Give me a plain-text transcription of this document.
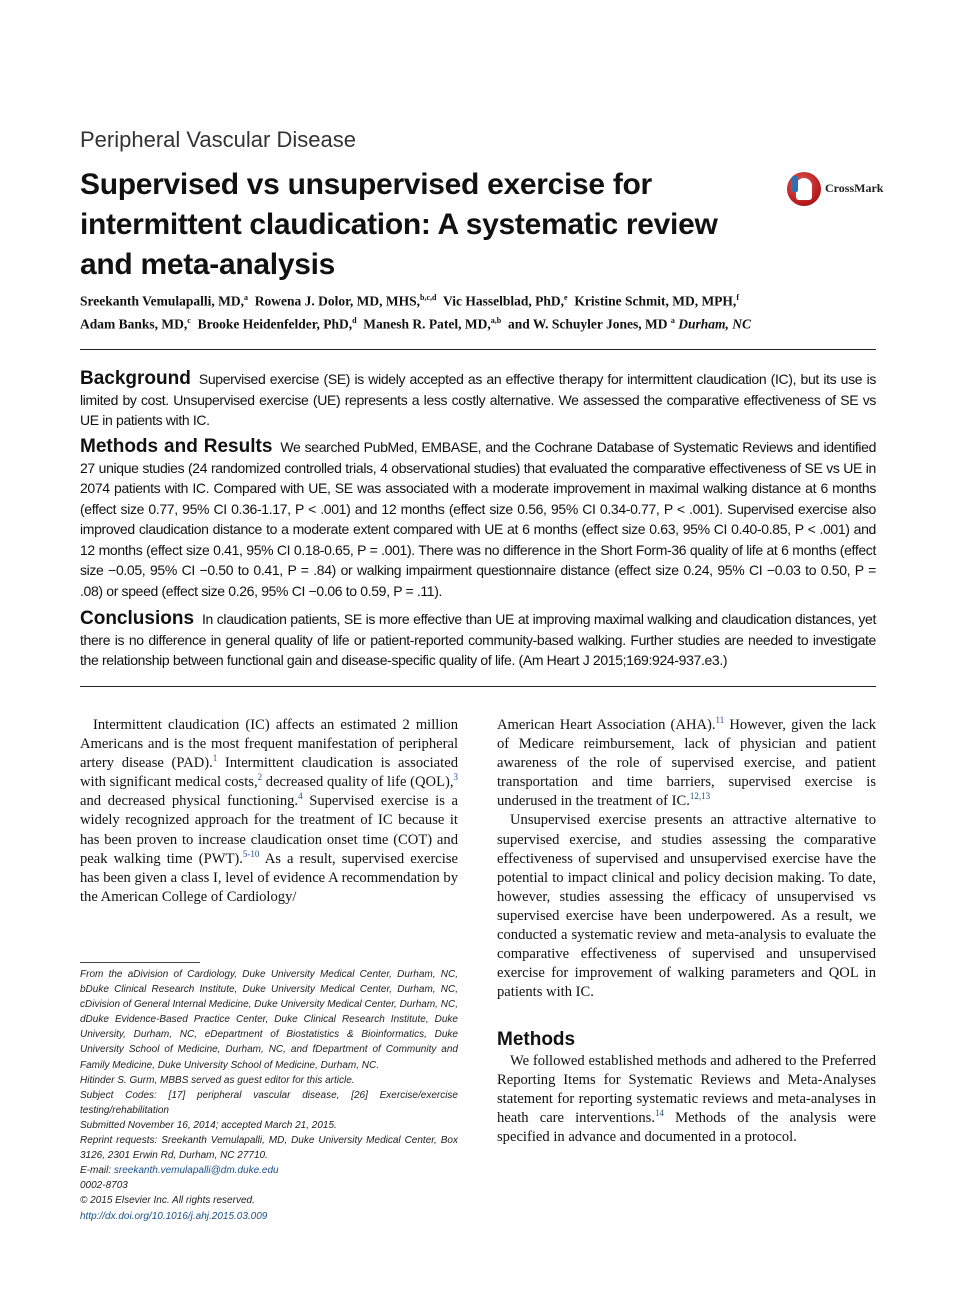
Peripheral Vascular Disease
Supervised vs unsupervised exercise for intermittent claudication: A systematic review and meta-analysis
CrossMark
Sreekanth Vemulapalli, MD,$^a$ Rowena J. Dolor, MD, MHS,$^{b,c,d}$ Vic Hasselblad, PhD,$^e$ Kristine Schmit, MD, MPH,$^f$
Adam Banks, MD,$^c$ Brooke Heidenfelder, PhD,$^d$ Manesh R. Patel, MD,$^{a,b}$ and W. Schuyler Jones, MD $^a$ Durham, NC
Background Supervised exercise (SE) is widely accepted as an effective therapy for intermittent claudication (IC), but its use is limited by cost. Unsupervised exercise (UE) represents a less costly alternative. We assessed the comparative effectiveness of SE vs UE in patients with IC.
Methods and Results We searched PubMed, EMBASE, and the Cochrane Database of Systematic Reviews and identified 27 unique studies (24 randomized controlled trials, 4 observational studies) that evaluated the comparative effectiveness of SE vs UE in 2074 patients with IC. Compared with UE, SE was associated with a moderate improvement in maximal walking distance at 6 months (effect size 0.77, 95% CI 0.36-1.17, P < .001) and 12 months (effect size 0.56, 95% CI 0.34-0.77, P < .001). Supervised exercise also improved claudication distance to a moderate extent compared with UE at 6 months (effect size 0.63, 95% CI 0.40-0.85, P < .001) and 12 months (effect size 0.41, 95% CI 0.18-0.65, P = .001). There was no difference in the Short Form-36 quality of life at 6 months (effect size −0.05, 95% CI −0.50 to 0.41, P = .84) or walking impairment questionnaire distance (effect size 0.24, 95% CI −0.03 to 0.50, P = .08) or speed (effect size 0.26, 95% CI −0.06 to 0.59, P = .11).
Conclusions In claudication patients, SE is more effective than UE at improving maximal walking and claudication distances, yet there is no difference in general quality of life or patient-reported community-based walking. Further studies are needed to investigate the relationship between functional gain and disease-specific quality of life. (Am Heart J 2015;169:924-937.e3.)

Intermittent claudication (IC) affects an estimated 2 million Americans and is the most frequent manifestation of peripheral artery disease (PAD).$^1$ Intermittent claudication is associated with significant medical costs,$^2$ decreased quality of life (QOL),$^3$ and decreased physical functioning.$^4$ Supervised exercise is a widely recognized approach for the treatment of IC because it has been proven to increase claudication onset time (COT) and peak walking time (PWT).$^{5-10}$ As a result, supervised exercise has been given a class I, level of evidence A recommendation by the American College of Cardiology/

From the aDivision of Cardiology, Duke University Medical Center, Durham, NC, bDuke Clinical Research Institute, Duke University Medical Center, Durham, NC, cDivision of General Internal Medicine, Duke University Medical Center, Durham, NC, dDuke Evidence-Based Practice Center, Duke Clinical Research Institute, Duke University, Durham, NC, eDepartment of Biostatistics & Bioinformatics, Duke University School of Medicine, Durham, NC, and fDepartment of Community and Family Medicine, Duke University School of Medicine, Durham, NC.
Hitinder S. Gurm, MBBS served as guest editor for this article.
Subject Codes: [17] peripheral vascular disease, [26] Exercise/exercise testing/rehabilitation
Submitted November 16, 2014; accepted March 21, 2015.
Reprint requests: Sreekanth Vemulapalli, MD, Duke University Medical Center, Box 3126, 2301 Erwin Rd, Durham, NC 27710.
E-mail: sreekanth.vemulapalli@dm.duke.edu
0002-8703
© 2015 Elsevier Inc. All rights reserved.
http://dx.doi.org/10.1016/j.ahj.2015.03.009

American Heart Association (AHA).$^{11}$ However, given the lack of Medicare reimbursement, lack of physician and patient awareness of the role of supervised exercise, and patient transportation and time barriers, supervised exercise is underused in the treatment of IC.$^{12,13}$

Unsupervised exercise presents an attractive alternative to supervised exercise, and studies assessing the comparative effectiveness of supervised and unsupervised exercise have the potential to impact clinical and policy decision making. To date, however, studies assessing the efficacy of unsupervised vs supervised exercise have been underpowered. As a result, we conducted a systematic review and meta-analysis to evaluate the comparative effectiveness of supervised and unsupervised exercise for improvement of walking parameters and QOL in patients with IC.

Methods

We followed established methods and adhered to the Preferred Reporting Items for Systematic Reviews and Meta-Analyses statement for reporting systematic reviews and meta-analyses in heath care interventions.$^{14}$ Methods of the analysis were specified in advance and documented in a protocol.
